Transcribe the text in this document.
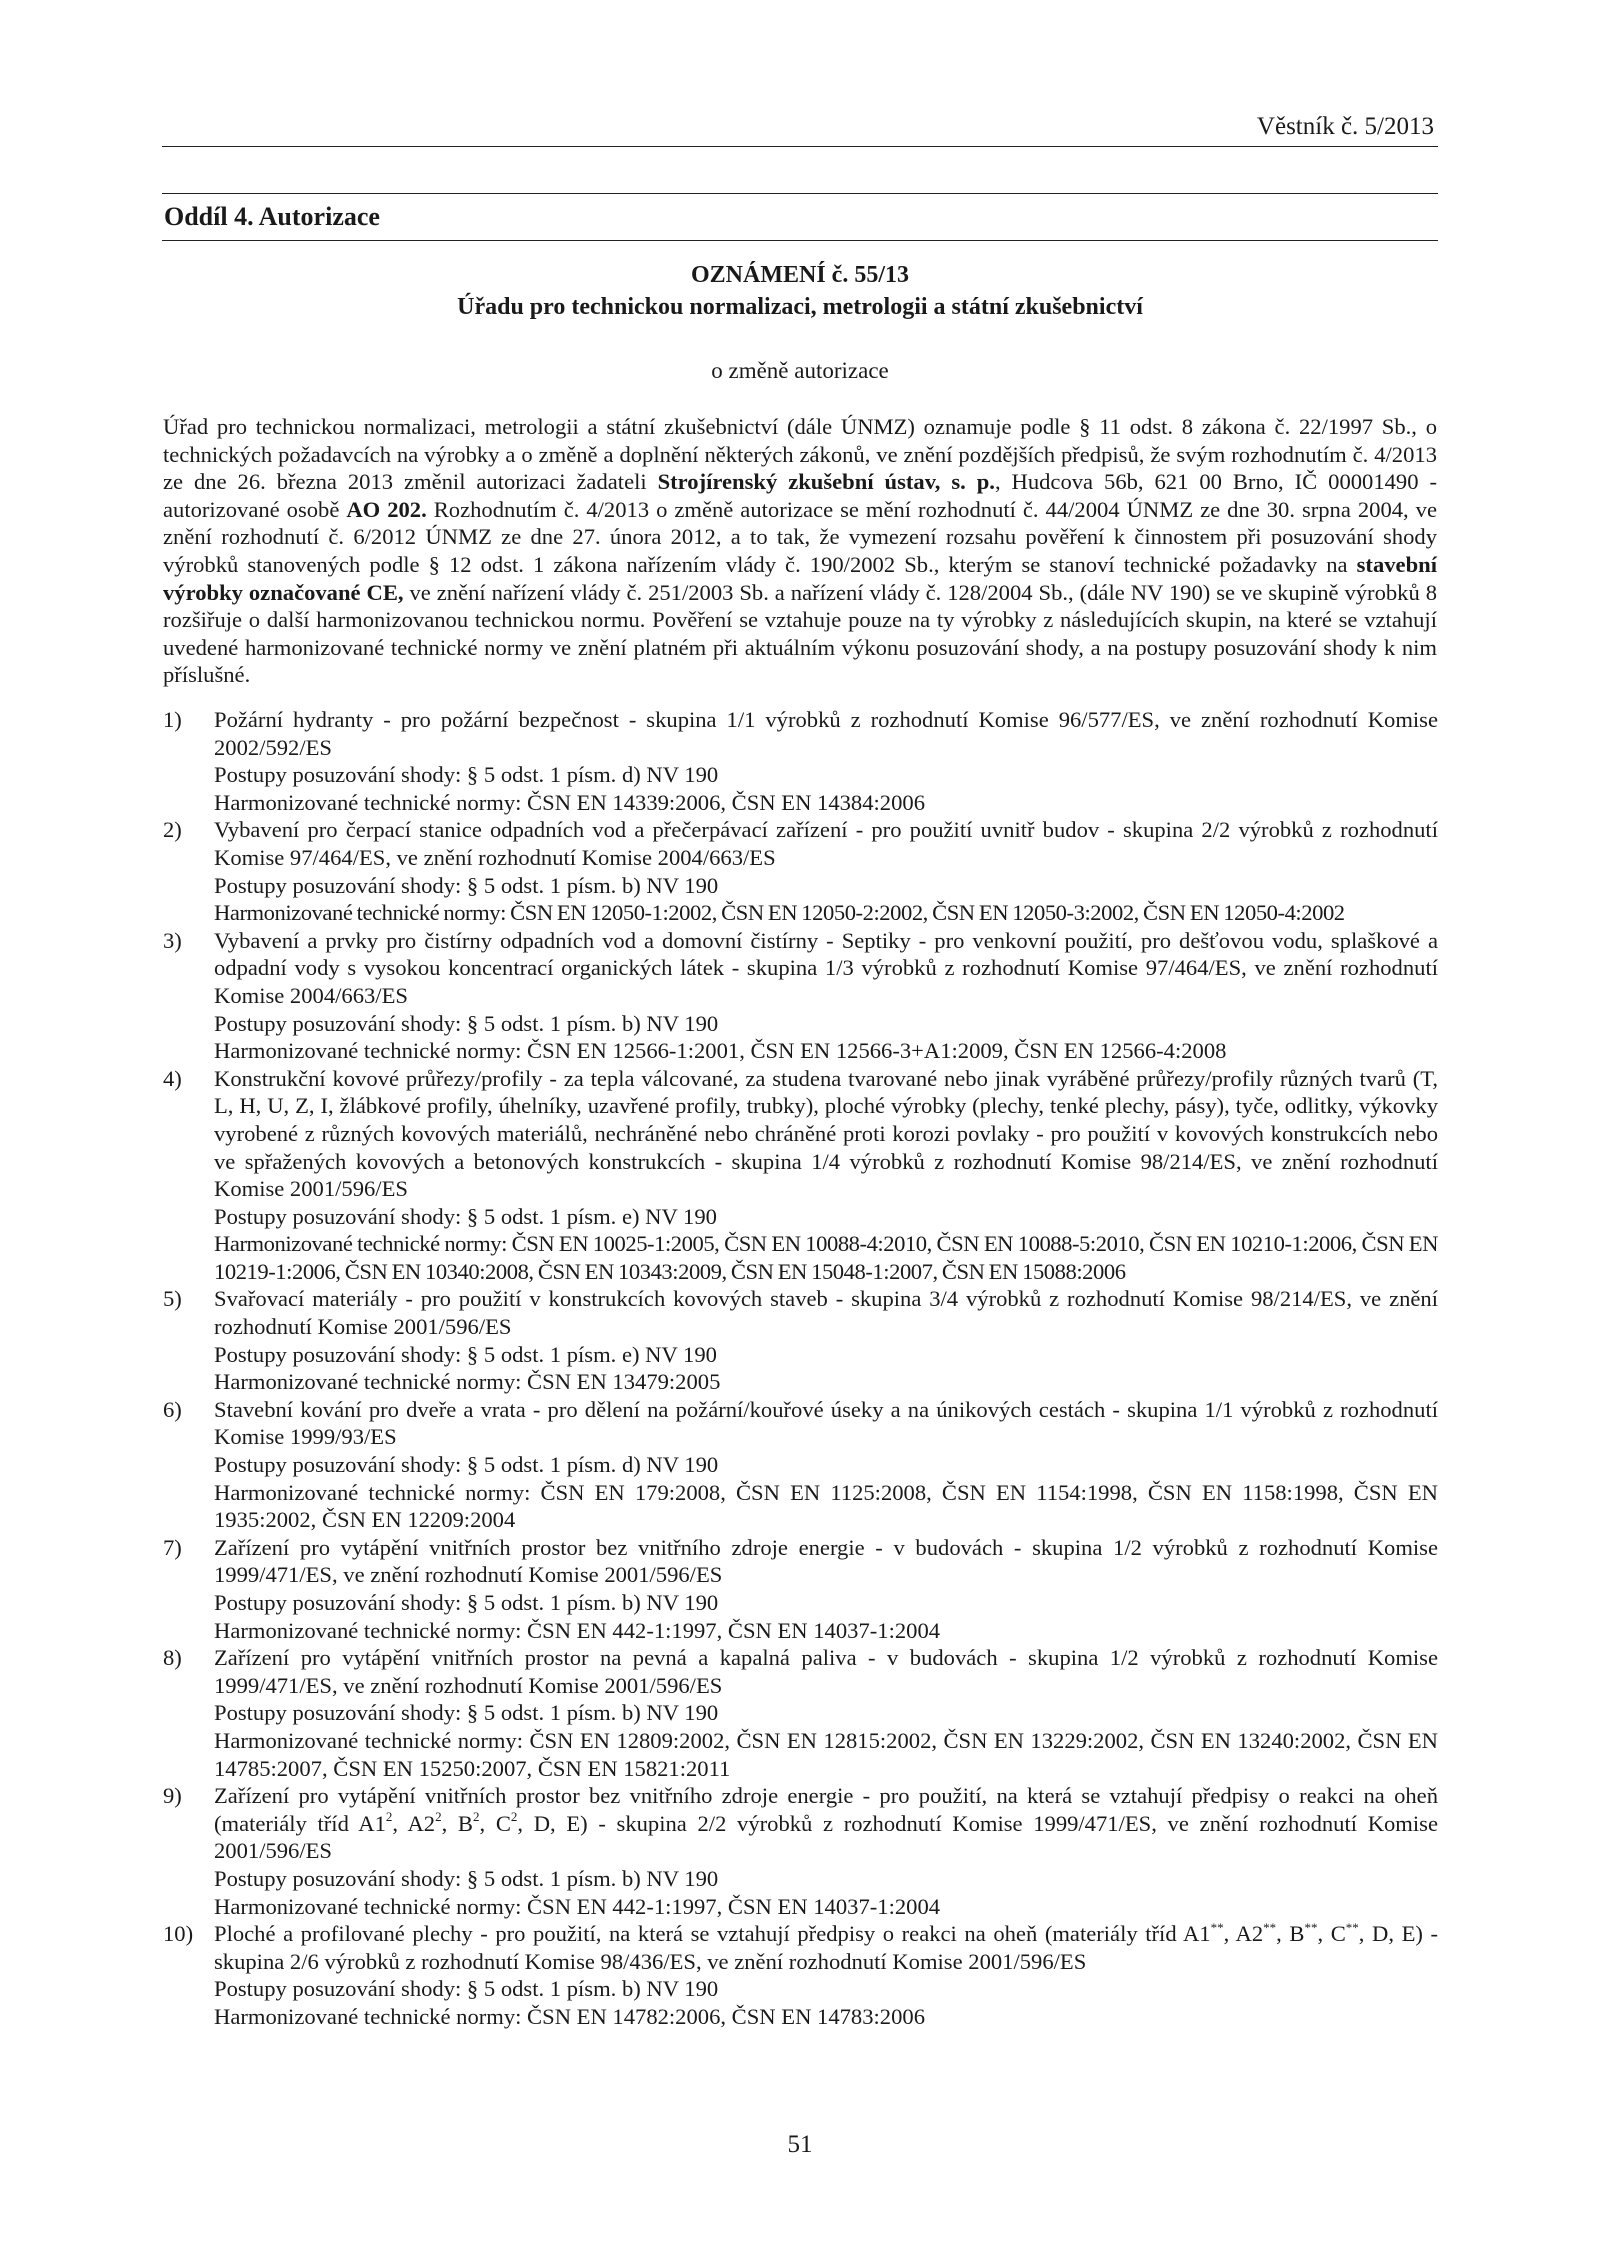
Věstník č. 5/2013
Oddíl 4. Autorizace
OZNÁMENÍ č. 55/13
Úřadu pro technickou normalizaci, metrologii a státní zkušebnictví
o změně autorizace

Úřad pro technickou normalizaci, metrologii a státní zkušebnictví (dále ÚNMZ) oznamuje podle § 11 odst. 8 zákona č. 22/1997 Sb., o technických požadavcích na výrobky a o změně a doplnění některých zákonů, ve znění pozdějších předpisů, že svým rozhodnutím č. 4/2013 ze dne 26. března 2013 změnil autorizaci žadateli Strojírenský zkušební ústav, s. p., Hudcova 56b, 621 00 Brno, IČ 00001490 - autorizované osobě AO 202. Rozhodnutím č. 4/2013 o změně autorizace se mění rozhodnutí č. 44/2004 ÚNMZ ze dne 30. srpna 2004, ve znění rozhodnutí č. 6/2012 ÚNMZ ze dne 27. února 2012, a to tak, že vymezení rozsahu pověření k činnostem při posuzování shody výrobků stanovených podle § 12 odst. 1 zákona nařízením vlády č. 190/2002 Sb., kterým se stanoví technické požadavky na stavební výrobky označované CE, ve znění nařízení vlády č. 251/2003 Sb. a nařízení vlády č. 128/2004 Sb., (dále NV 190) se ve skupině výrobků 8 rozšiřuje o další harmonizovanou technickou normu. Pověření se vztahuje pouze na ty výrobky z následujících skupin, na které se vztahují uvedené harmonizované technické normy ve znění platném při aktuálním výkonu posuzování shody, a na postupy posuzování shody k nim příslušné.

1) Požární hydranty - pro požární bezpečnost - skupina 1/1 výrobků z rozhodnutí Komise 96/577/ES, ve znění rozhodnutí Komise 2002/592/ES
Postupy posuzování shody: § 5 odst. 1 písm. d) NV 190
Harmonizované technické normy: ČSN EN 14339:2006, ČSN EN 14384:2006
2) Vybavení pro čerpací stanice odpadních vod a přečerpávací zařízení - pro použití uvnitř budov - skupina 2/2 výrobků z rozhodnutí Komise 97/464/ES, ve znění rozhodnutí Komise 2004/663/ES
Postupy posuzování shody: § 5 odst. 1 písm. b) NV 190
Harmonizované technické normy: ČSN EN 12050-1:2002, ČSN EN 12050-2:2002, ČSN EN 12050-3:2002, ČSN EN 12050-4:2002
3) Vybavení a prvky pro čistírny odpadních vod a domovní čistírny - Septiky - pro venkovní použití, pro dešťovou vodu, splaškové a odpadní vody s vysokou koncentrací organických látek - skupina 1/3 výrobků z rozhodnutí Komise 97/464/ES, ve znění rozhodnutí Komise 2004/663/ES
Postupy posuzování shody: § 5 odst. 1 písm. b) NV 190
Harmonizované technické normy: ČSN EN 12566-1:2001, ČSN EN 12566-3+A1:2009, ČSN EN 12566-4:2008
4) Konstrukční kovové průřezy/profily - za tepla válcované, za studena tvarované nebo jinak vyráběné průřezy/profily různých tvarů (T, L, H, U, Z, I, žlábkové profily, úhelníky, uzavřené profily, trubky), ploché výrobky (plechy, tenké plechy, pásy), tyče, odlitky, výkovky vyrobené z různých kovových materiálů, nechráněné nebo chráněné proti korozi povlaky - pro použití v kovových konstrukcích nebo ve spřažených kovových a betonových konstrukcích - skupina 1/4 výrobků z rozhodnutí Komise 98/214/ES, ve znění rozhodnutí Komise 2001/596/ES
Postupy posuzování shody: § 5 odst. 1 písm. e) NV 190
Harmonizované technické normy: ČSN EN 10025-1:2005, ČSN EN 10088-4:2010, ČSN EN 10088-5:2010, ČSN EN 10210-1:2006, ČSN EN 10219-1:2006, ČSN EN 10340:2008, ČSN EN 10343:2009, ČSN EN 15048-1:2007, ČSN EN 15088:2006
5) Svařovací materiály - pro použití v konstrukcích kovových staveb - skupina 3/4 výrobků z rozhodnutí Komise 98/214/ES, ve znění rozhodnutí Komise 2001/596/ES
Postupy posuzování shody: § 5 odst. 1 písm. e) NV 190
Harmonizované technické normy: ČSN EN 13479:2005
6) Stavební kování pro dveře a vrata - pro dělení na požární/kouřové úseky a na únikových cestách - skupina 1/1 výrobků z rozhodnutí Komise 1999/93/ES
Postupy posuzování shody: § 5 odst. 1 písm. d) NV 190
Harmonizované technické normy: ČSN EN 179:2008, ČSN EN 1125:2008, ČSN EN 1154:1998, ČSN EN 1158:1998, ČSN EN 1935:2002, ČSN EN 12209:2004
7) Zařízení pro vytápění vnitřních prostor bez vnitřního zdroje energie - v budovách - skupina 1/2 výrobků z rozhodnutí Komise 1999/471/ES, ve znění rozhodnutí Komise 2001/596/ES
Postupy posuzování shody: § 5 odst. 1 písm. b) NV 190
Harmonizované technické normy: ČSN EN 442-1:1997, ČSN EN 14037-1:2004
8) Zařízení pro vytápění vnitřních prostor na pevná a kapalná paliva - v budovách - skupina 1/2 výrobků z rozhodnutí Komise 1999/471/ES, ve znění rozhodnutí Komise 2001/596/ES
Postupy posuzování shody: § 5 odst. 1 písm. b) NV 190
Harmonizované technické normy: ČSN EN 12809:2002, ČSN EN 12815:2002, ČSN EN 13229:2002, ČSN EN 13240:2002, ČSN EN 14785:2007, ČSN EN 15250:2007, ČSN EN 15821:2011
9) Zařízení pro vytápění vnitřních prostor bez vnitřního zdroje energie - pro použití, na která se vztahují předpisy o reakci na oheň (materiály tříd $A1^2$, $A2^2$, $B^2$, $C^2$, D, E) - skupina 2/2 výrobků z rozhodnutí Komise 1999/471/ES, ve znění rozhodnutí Komise 2001/596/ES
Postupy posuzování shody: § 5 odst. 1 písm. b) NV 190
Harmonizované technické normy: ČSN EN 442-1:1997, ČSN EN 14037-1:2004
10) Ploché a profilované plechy - pro použití, na která se vztahují předpisy o reakci na oheň (materiály tříd A1**, A2**, B**, C**, D, E) - skupina 2/6 výrobků z rozhodnutí Komise 98/436/ES, ve znění rozhodnutí Komise 2001/596/ES
Postupy posuzování shody: § 5 odst. 1 písm. b) NV 190
Harmonizované technické normy: ČSN EN 14782:2006, ČSN EN 14783:2006
51
